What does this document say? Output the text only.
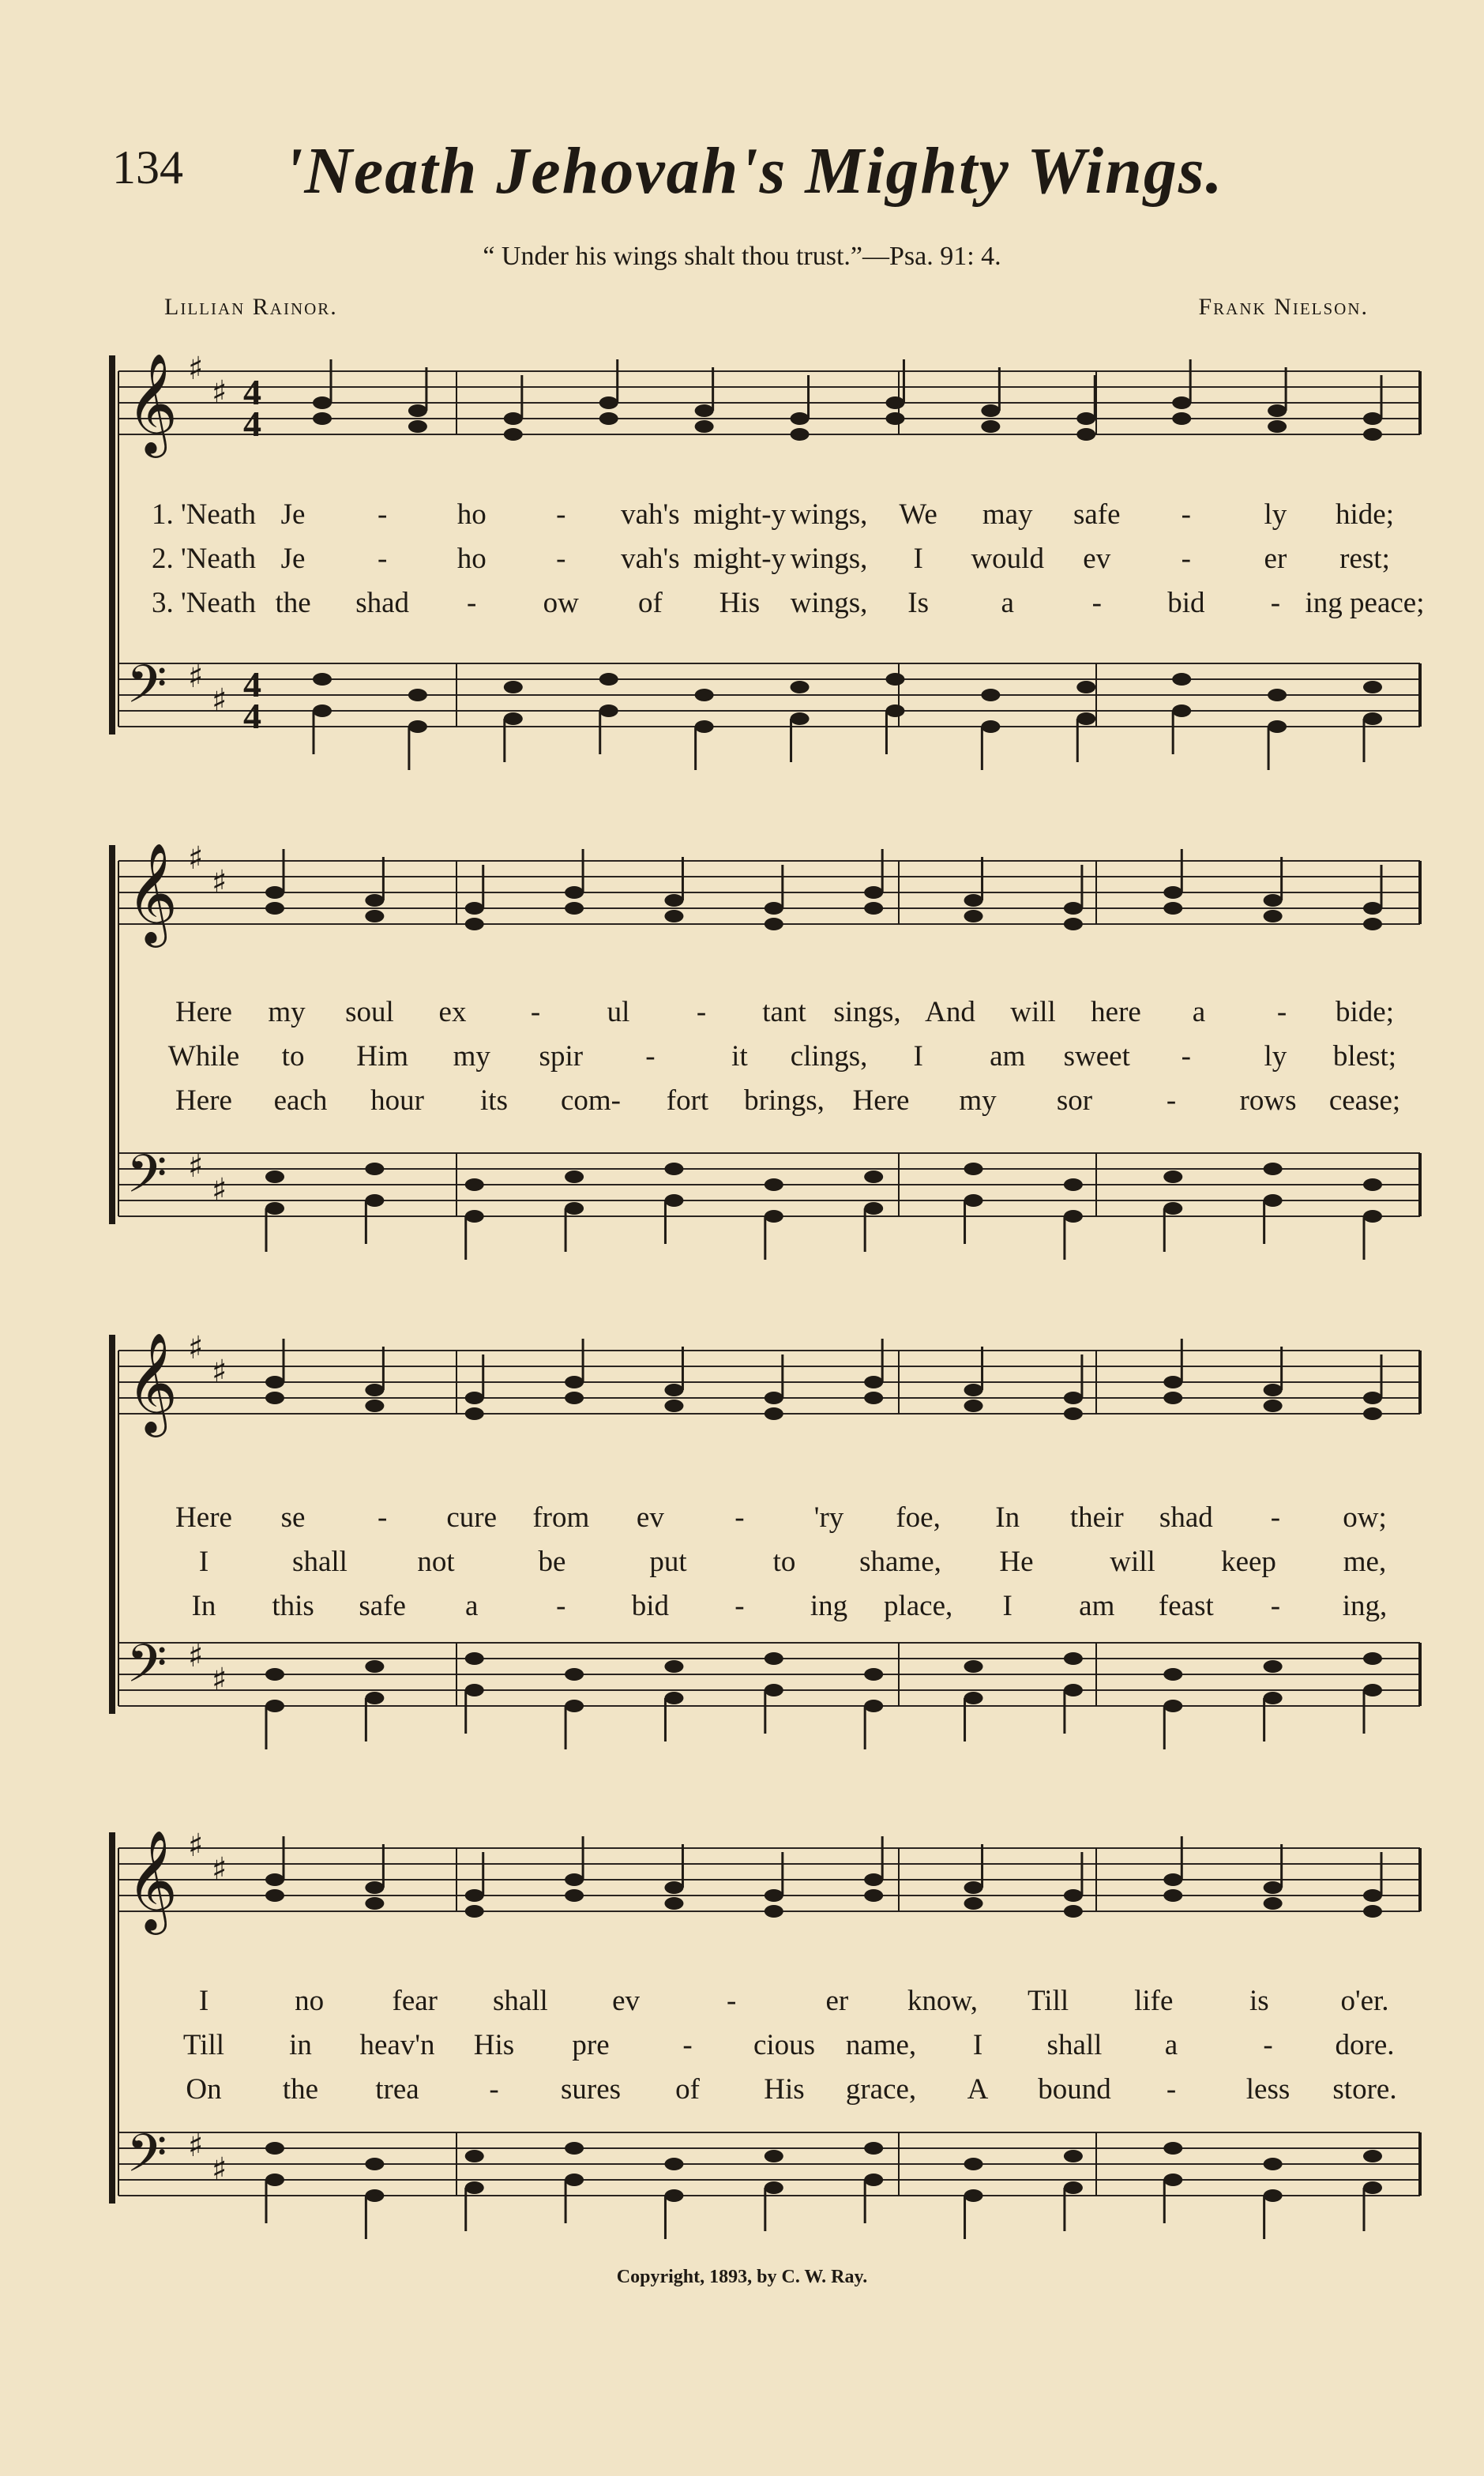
134 'Neath Jehovah's Mighty Wings.
“ Under his wings shalt thou trust.”—Psa. 91: 4.
Lillian Rainor.	Frank Nielson.
𝄞
𝄢
♯
♯
♯
♯
4
4
4
4
1. 'Neath Je - ho - vah's might-y wings, We may safe -	ly hide;
2. 'Neath Je - ho - vah's might-y wings, I would ev -	er rest;
3. 'Neath the shad - ow of His wings, Is a	- bid - ing peace;
𝄞
𝄢
♯
♯
♯
♯
Here my soul ex - ul - tant sings, And will here a - bide;
While to Him my spir -	it clings, I am sweet -	ly blest;
Here each hour its com- fort brings, Here my sor	- rows cease;
𝄞
𝄢
♯
♯
♯
♯
Here se - cure from ev - 'ry foe, In their shad - ow;
I	shall not	be	put	to shame, He	will keep me,
In this safe a	- bid - ing place, I am feast - ing,
𝄞
𝄢
♯
♯
♯
♯
I	no fear shall ev	-	er know, Till life	is o'er.
Till in heav'n His pre	- cious name, I shall a	- dore.
On the trea - sures of His grace, A bound - less store.
Copyright, 1893, by C. W. Ray.
